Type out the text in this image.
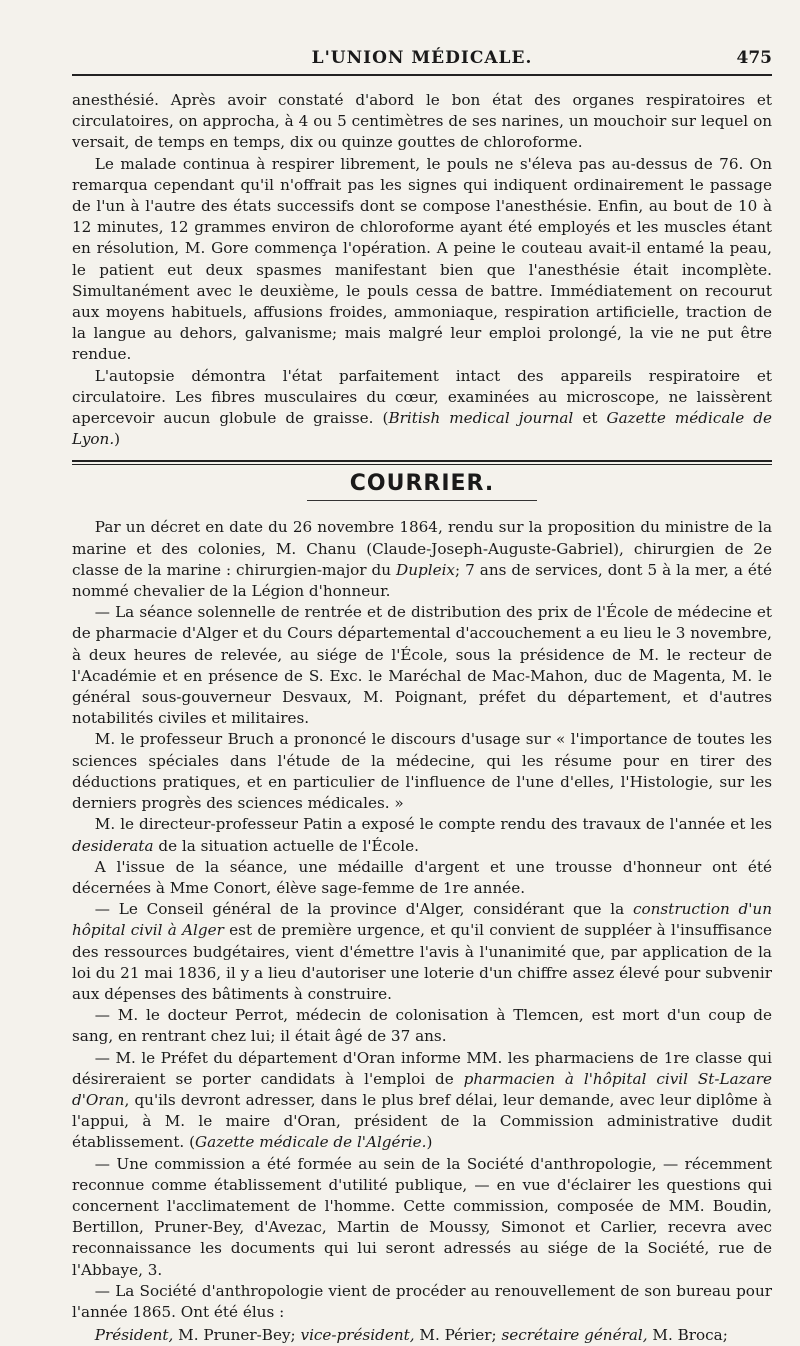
L'UNION MÉDICALE.	475

anesthésié. Après avoir constaté d'abord le bon état des organes respiratoires et circulatoires, on approcha, à 4 ou 5 centimètres de ses narines, un mouchoir sur lequel on versait, de temps en temps, dix ou quinze gouttes de chloroforme.

Le malade continua à respirer librement, le pouls ne s'éleva pas au-dessus de 76. On remarqua cependant qu'il n'offrait pas les signes qui indiquent ordinairement le passage de l'un à l'autre des états successifs dont se compose l'anesthésie. Enfin, au bout de 10 à 12 minutes, 12 grammes environ de chloroforme ayant été employés et les muscles étant en résolution, M. Gore commença l'opération. A peine le couteau avait-il entamé la peau, le patient eut deux spasmes manifestant bien que l'anesthésie était incomplète. Simultanément avec le deuxième, le pouls cessa de battre. Immédiatement on recourut aux moyens habituels, affusions froides, ammoniaque, respiration artificielle, traction de la langue au dehors, galvanisme; mais malgré leur emploi prolongé, la vie ne put être rendue.

L'autopsie démontra l'état parfaitement intact des appareils respiratoire et circulatoire. Les fibres musculaires du cœur, examinées au microscope, ne laissèrent apercevoir aucun globule de graisse. (British medical journal et Gazette médicale de Lyon.)

COURRIER.

Par un décret en date du 26 novembre 1864, rendu sur la proposition du ministre de la marine et des colonies, M. Chanu (Claude-Joseph-Auguste-Gabriel), chirurgien de 2e classe de la marine : chirurgien-major du Dupleix; 7 ans de services, dont 5 à la mer, a été nommé chevalier de la Légion d'honneur.

— La séance solennelle de rentrée et de distribution des prix de l'École de médecine et de pharmacie d'Alger et du Cours départemental d'accouchement a eu lieu le 3 novembre, à deux heures de relevée, au siége de l'École, sous la présidence de M. le recteur de l'Académie et en présence de S. Exc. le Maréchal de Mac-Mahon, duc de Magenta, M. le général sous-gouverneur Desvaux, M. Poignant, préfet du département, et d'autres notabilités civiles et militaires.

M. le professeur Bruch a prononcé le discours d'usage sur « l'importance de toutes les sciences spéciales dans l'étude de la médecine, qui les résume pour en tirer des déductions pratiques, et en particulier de l'influence de l'une d'elles, l'Histologie, sur les derniers progrès des sciences médicales. »

M. le directeur-professeur Patin a exposé le compte rendu des travaux de l'année et les desiderata de la situation actuelle de l'École.

A l'issue de la séance, une médaille d'argent et une trousse d'honneur ont été décernées à Mme Conort, élève sage-femme de 1re année.

— Le Conseil général de la province d'Alger, considérant que la construction d'un hôpital civil à Alger est de première urgence, et qu'il convient de suppléer à l'insuffisance des ressources budgétaires, vient d'émettre l'avis à l'unanimité que, par application de la loi du 21 mai 1836, il y a lieu d'autoriser une loterie d'un chiffre assez élevé pour subvenir aux dépenses des bâtiments à construire.

— M. le docteur Perrot, médecin de colonisation à Tlemcen, est mort d'un coup de sang, en rentrant chez lui; il était âgé de 37 ans.

— M. le Préfet du département d'Oran informe MM. les pharmaciens de 1re classe qui désireraient se porter candidats à l'emploi de pharmacien à l'hôpital civil St-Lazare d'Oran, qu'ils devront adresser, dans le plus bref délai, leur demande, avec leur diplôme à l'appui, à M. le maire d'Oran, président de la Commission administrative dudit établissement. (Gazette médicale de l'Algérie.)

— Une commission a été formée au sein de la Société d'anthropologie, — récemment reconnue comme établissement d'utilité publique, — en vue d'éclairer les questions qui concernent l'acclimatement de l'homme. Cette commission, composée de MM. Boudin, Bertillon, Pruner-Bey, d'Avezac, Martin de Moussy, Simonot et Carlier, recevra avec reconnaissance les documents qui lui seront adressés au siége de la Société, rue de l'Abbaye, 3.

— La Société d'anthropologie vient de procéder au renouvellement de son bureau pour l'année 1865. Ont été élus :

Président, M. Pruner-Bey; vice-président, M. Périer; secrétaire général, M. Broca;
